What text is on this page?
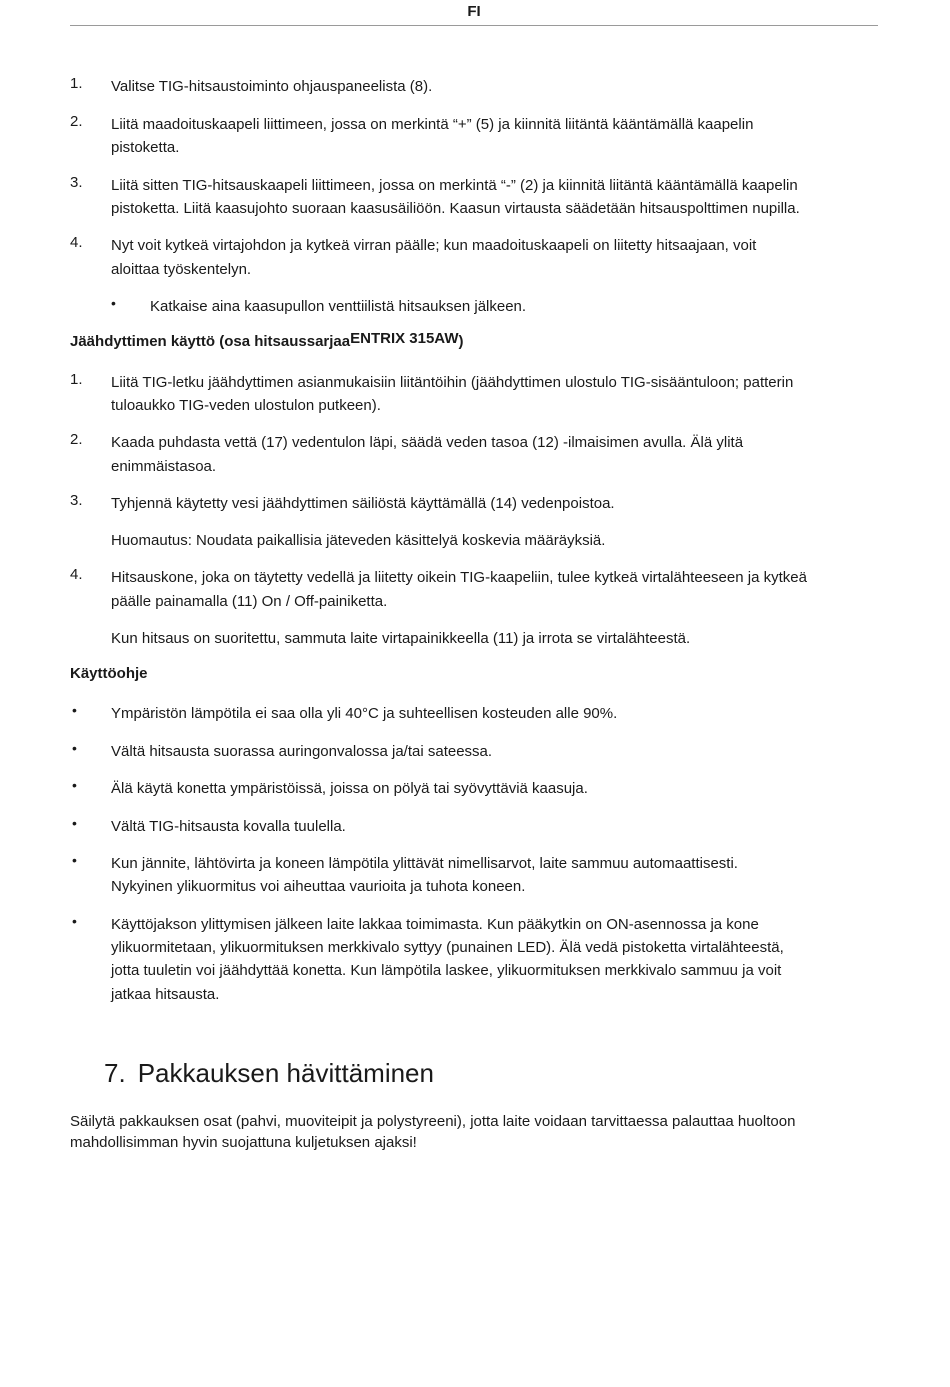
FI
1. Valitse TIG-hitsaustoiminto ohjauspaneelista (8).
2. Liitä maadoituskaapeli liittimeen, jossa on merkintä “+” (5) ja kiinnitä liitäntä kääntämällä kaapelin
pistoketta.
3. Liitä sitten TIG-hitsauskaapeli liittimeen, jossa on merkintä “-” (2) ja kiinnitä liitäntä kääntämällä kaapelin
pistoketta. Liitä kaasujohto suoraan kaasusäiliöön. Kaasun virtausta säädetään hitsauspolttimen nupilla.
4. Nyt voit kytkeä virtajohdon ja kytkeä virran päälle; kun maadoituskaapeli on liitetty hitsaajaan, voit
aloittaa työskentelyn.
• Katkaise aina kaasupullon venttiilistä hitsauksen jälkeen.
Jäähdyttimen käyttö (osa hitsaussarjaaENTRIX 315AW)
1. Liitä TIG-letku jäähdyttimen asianmukaisiin liitäntöihin (jäähdyttimen ulostulo TIG-sisääntuloon; patterin
tuloaukko TIG-veden ulostulon putkeen).
2. Kaada puhdasta vettä (17) vedentulon läpi, säädä veden tasoa (12) -ilmaisimen avulla. Älä ylitä
enimmäistasoa.
3. Tyhjennä käytetty vesi jäähdyttimen säiliöstä käyttämällä (14) vedenpoistoa.
Huomautus: Noudata paikallisia jäteveden käsittelyä koskevia määräyksiä.
4. Hitsauskone, joka on täytetty vedellä ja liitetty oikein TIG-kaapeliin, tulee kytkeä virtalähteeseen ja kytkeä
päälle painamalla (11) On / Off-painiketta.
Kun hitsaus on suoritettu, sammuta laite virtapainikkeella (11) ja irrota se virtalähteestä.
Käyttöohje
• Ympäristön lämpötila ei saa olla yli 40°C ja suhteellisen kosteuden alle 90%.
• Vältä hitsausta suorassa auringonvalossa ja/tai sateessa.
• Älä käytä konetta ympäristöissä, joissa on pölyä tai syövyttäviä kaasuja.
• Vältä TIG-hitsausta kovalla tuulella.
• Kun jännite, lähtövirta ja koneen lämpötila ylittävät nimellisarvot, laite sammuu automaattisesti.
Nykyinen ylikuormitus voi aiheuttaa vaurioita ja tuhota koneen.
• Käyttöjakson ylittymisen jälkeen laite lakkaa toimimasta. Kun pääkytkin on ON-asennossa ja kone
ylikuormitetaan, ylikuormituksen merkkivalo syttyy (punainen LED). Älä vedä pistoketta virtalähteestä,
jotta tuuletin voi jäähdyttää konetta. Kun lämpötila laskee, ylikuormituksen merkkivalo sammuu ja voit
jatkaa hitsausta.
7. Pakkauksen hävittäminen
Säilytä pakkauksen osat (pahvi, muoviteipit ja polystyreeni), jotta laite voidaan tarvittaessa palauttaa huoltoon
mahdollisimman hyvin suojattuna kuljetuksen ajaksi!
